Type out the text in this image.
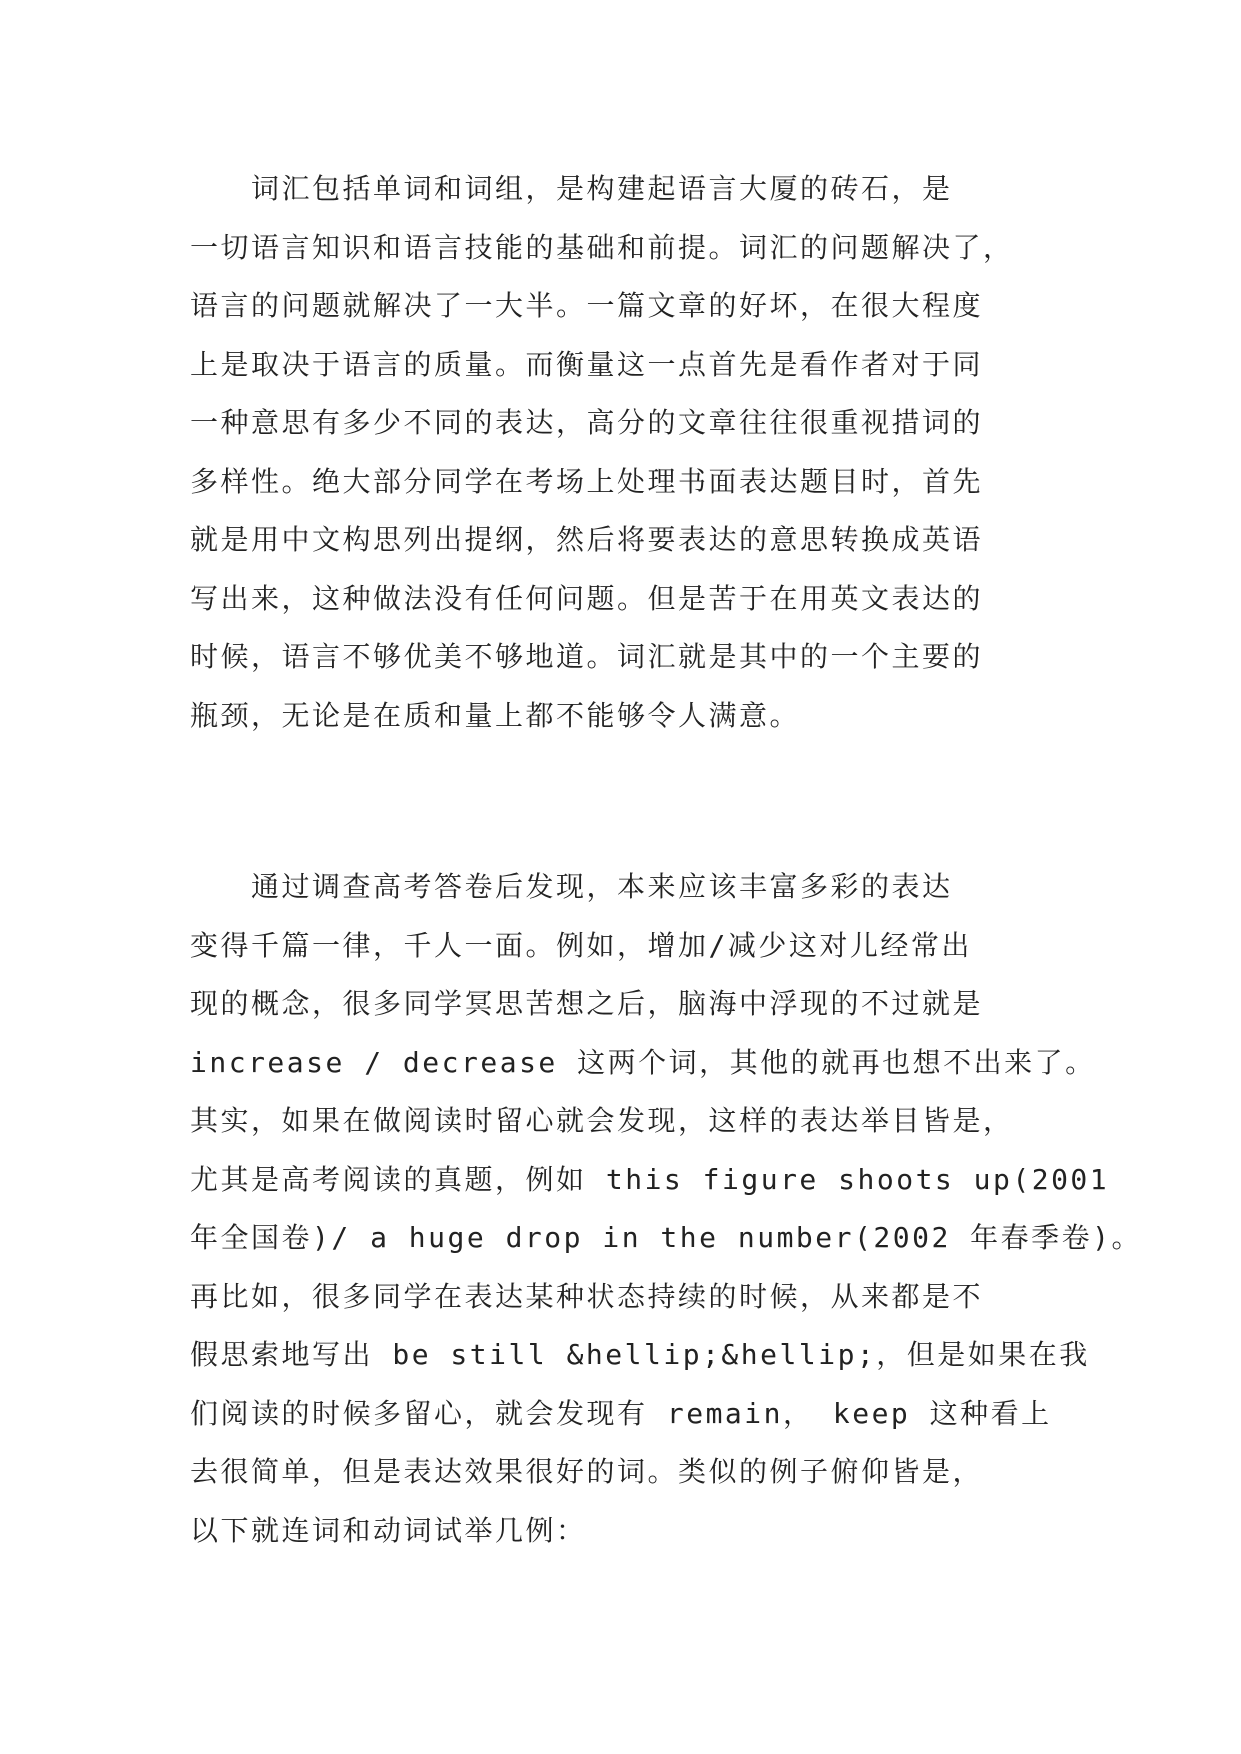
　　词汇包括单词和词组，是构建起语言大厦的砖石，是
一切语言知识和语言技能的基础和前提。词汇的问题解决了，
语言的问题就解决了一大半。一篇文章的好坏，在很大程度
上是取决于语言的质量。而衡量这一点首先是看作者对于同
一种意思有多少不同的表达，高分的文章往往很重视措词的
多样性。绝大部分同学在考场上处理书面表达题目时，首先
就是用中文构思列出提纲，然后将要表达的意思转换成英语
写出来，这种做法没有任何问题。但是苦于在用英文表达的
时候，语言不够优美不够地道。词汇就是其中的一个主要的
瓶颈，无论是在质和量上都不能够令人满意。
　　通过调查高考答卷后发现，本来应该丰富多彩的表达
变得千篇一律，千人一面。例如，增加/减少这对儿经常出
现的概念，很多同学冥思苦想之后，脑海中浮现的不过就是
increase / decrease 这两个词，其他的就再也想不出来了。
其实，如果在做阅读时留心就会发现，这样的表达举目皆是，
尤其是高考阅读的真题，例如 this figure shoots up(2001
年全国卷)/ a huge drop in the number(2002 年春季卷)。
再比如，很多同学在表达某种状态持续的时候，从来都是不
假思索地写出 be still &hellip;&hellip;，但是如果在我
们阅读的时候多留心，就会发现有 remain， keep 这种看上
去很简单，但是表达效果很好的词。类似的例子俯仰皆是，
以下就连词和动词试举几例：
